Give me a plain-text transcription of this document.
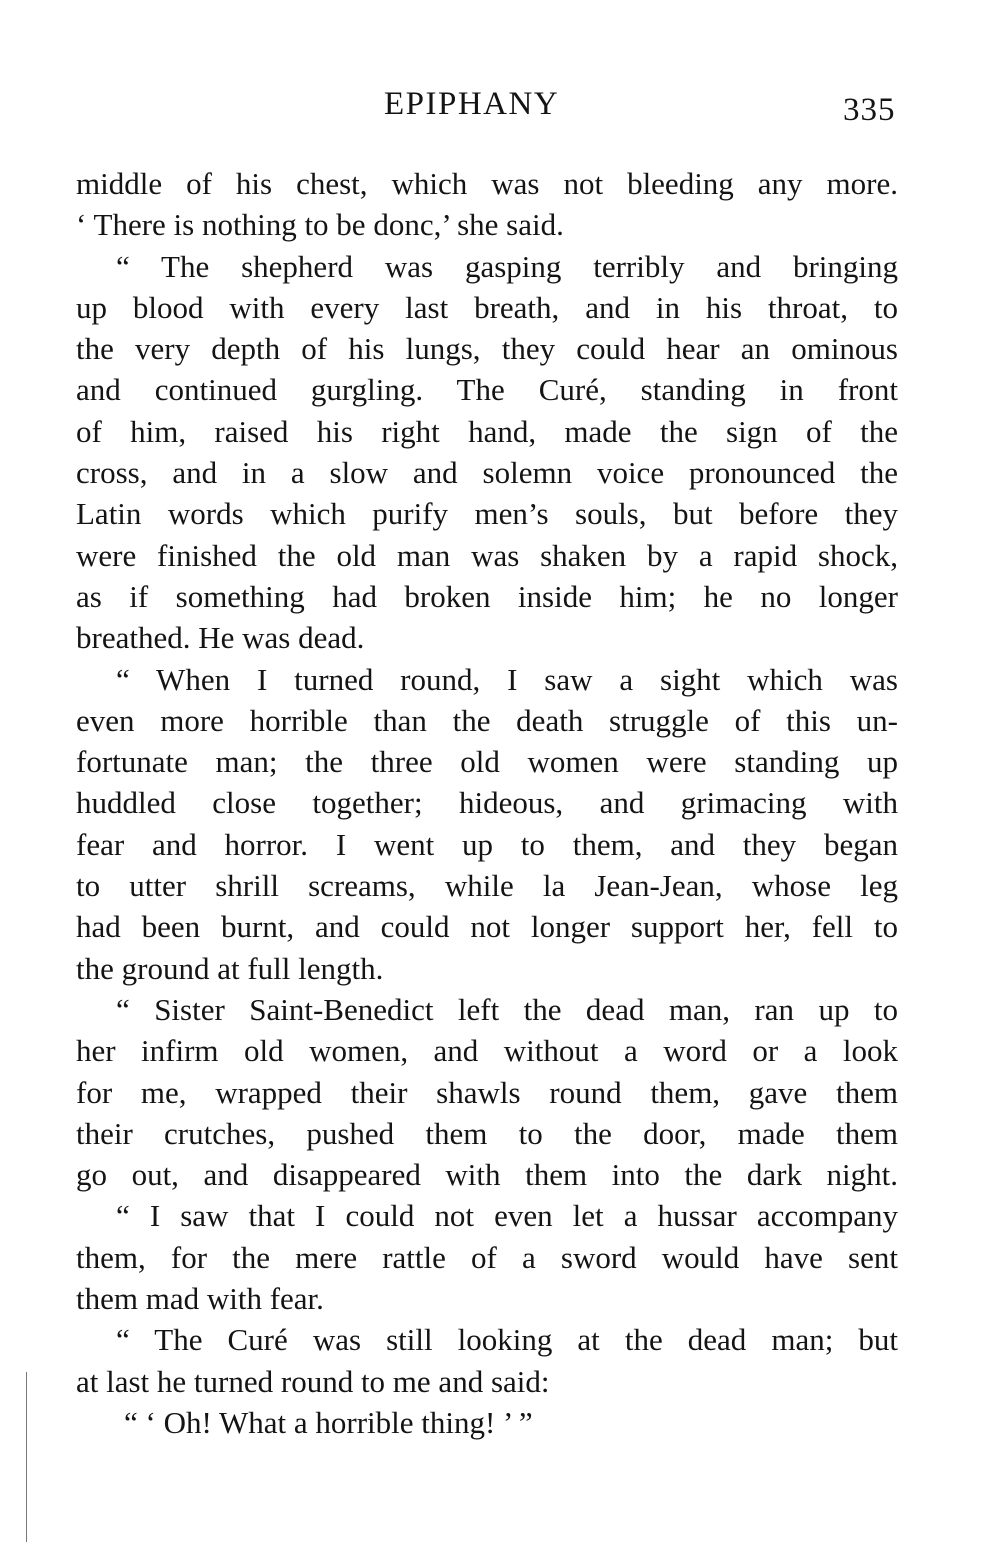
EPIPHANY	335
middle of his chest, which was not bleeding any more.
‘ There is nothing to be donc,’ she said.
“ The shepherd was gasping terribly and bringing
up blood with every last breath, and in his throat, to
the very depth of his lungs, they could hear an ominous
and continued gurgling. The Curé, standing in front
of him, raised his right hand, made the sign of the
cross, and in a slow and solemn voice pronounced the
Latin words which purify men’s souls, but before they
were finished the old man was shaken by a rapid shock,
as if something had broken inside him; he no longer
breathed. He was dead.
“ When I turned round, I saw a sight which was
even more horrible than the death struggle of this un-
fortunate man; the three old women were standing up
huddled close together; hideous, and grimacing with
fear and horror. I went up to them, and they began
to utter shrill screams, while la Jean-Jean, whose leg
had been burnt, and could not longer support her, fell to
the ground at full length.
“ Sister Saint-Benedict left the dead man, ran up to
her infirm old women, and without a word or a look
for me, wrapped their shawls round them, gave them
their crutches, pushed them to the door, made them
go out, and disappeared with them into the dark night.
“ I saw that I could not even let a hussar accompany
them, for the mere rattle of a sword would have sent
them mad with fear.
“ The Curé was still looking at the dead man; but
at last he turned round to me and said:
“ ‘ Oh! What a horrible thing! ’ ”
